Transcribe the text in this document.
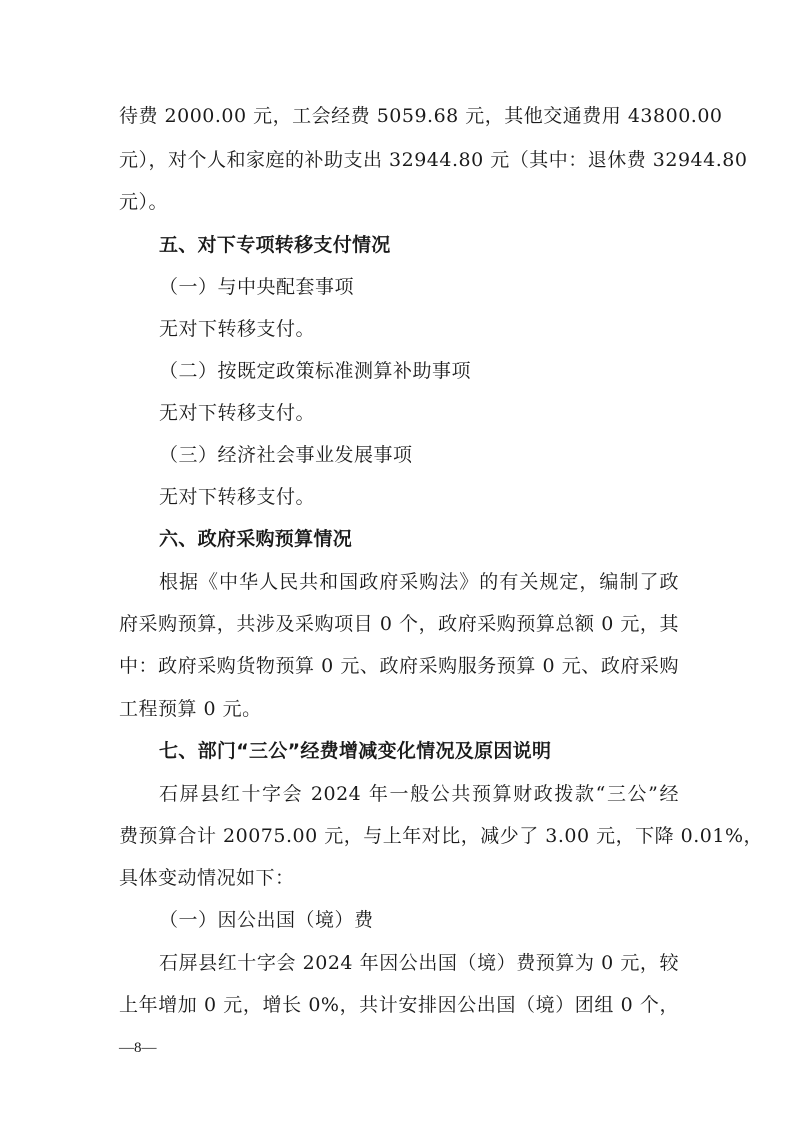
待费 2000.00 元，工会经费 5059.68 元，其他交通费用 43800.00
元），对个人和家庭的补助支出 32944.80 元（其中：退休费 32944.80
元）。
五、对下专项转移支付情况
（一）与中央配套事项
无对下转移支付。
（二）按既定政策标准测算补助事项
无对下转移支付。
（三）经济社会事业发展事项
无对下转移支付。
六、政府采购预算情况
根据《中华人民共和国政府采购法》的有关规定，编制了政
府采购预算，共涉及采购项目 0 个，政府采购预算总额 0 元，其
中：政府采购货物预算 0 元、政府采购服务预算 0 元、政府采购
工程预算 0 元。
七、部门“三公”经费增减变化情况及原因说明
石屏县红十字会 2024 年一般公共预算财政拨款“三公”经
费预算合计 20075.00 元，与上年对比，减少了 3.00 元，下降 0.01%，
具体变动情况如下：
（一）因公出国（境）费
石屏县红十字会 2024 年因公出国（境）费预算为 0 元，较
上年增加 0 元，增长 0%，共计安排因公出国（境）团组 0 个，
—8—
